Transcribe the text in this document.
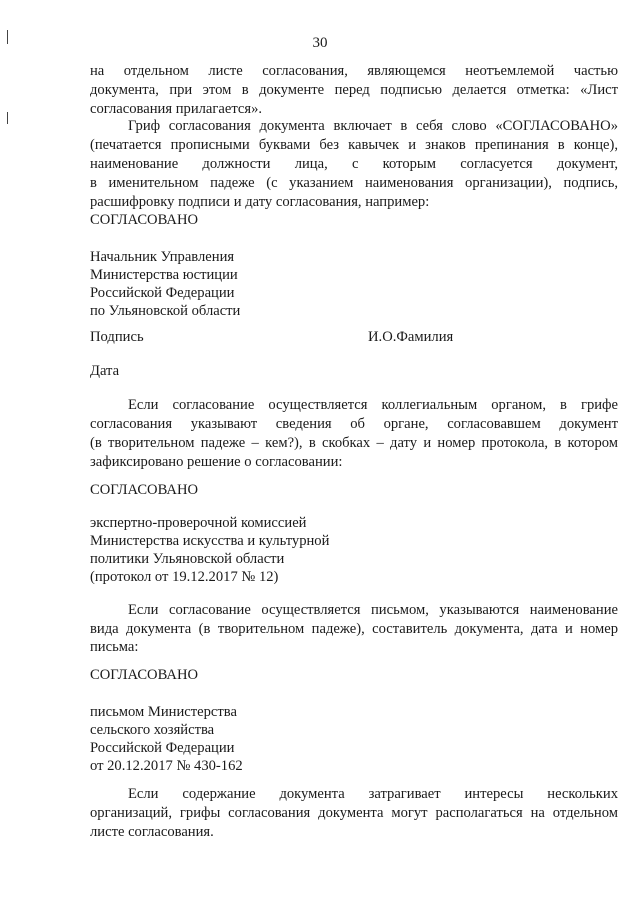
30
на отдельном листе согласования, являющемся неотъемлемой частью
документа, при этом в документе перед подписью делается отметка: «Лист
согласования прилагается».
Гриф согласования документа включает в себя слово «СОГЛАСОВАНО»
(печатается прописными буквами без кавычек и знаков препинания в конце),
наименование должности лица, с которым согласуется документ,
в именительном падеже (с указанием наименования организации), подпись,
расшифровку подписи и дату согласования, например:
СОГЛАСОВАНО
Начальник Управления
Министерства юстиции
Российской Федерации
по Ульяновской области
Подпись	И.О.Фамилия
Дата
Если согласование осуществляется коллегиальным органом, в грифе
согласования указывают сведения об органе, согласовавшем документ
(в творительном падеже – кем?), в скобках – дату и номер протокола, в котором
зафиксировано решение о согласовании:
СОГЛАСОВАНО
экспертно-проверочной комиссией
Министерства искусства и культурной
политики Ульяновской области
(протокол от 19.12.2017 № 12)
Если согласование осуществляется письмом, указываются наименование
вида документа (в творительном падеже), составитель документа, дата и номер
письма:
СОГЛАСОВАНО
письмом Министерства
сельского хозяйства
Российской Федерации
от 20.12.2017 № 430-162
Если содержание документа затрагивает интересы нескольких
организаций, грифы согласования документа могут располагаться на отдельном
листе согласования.
